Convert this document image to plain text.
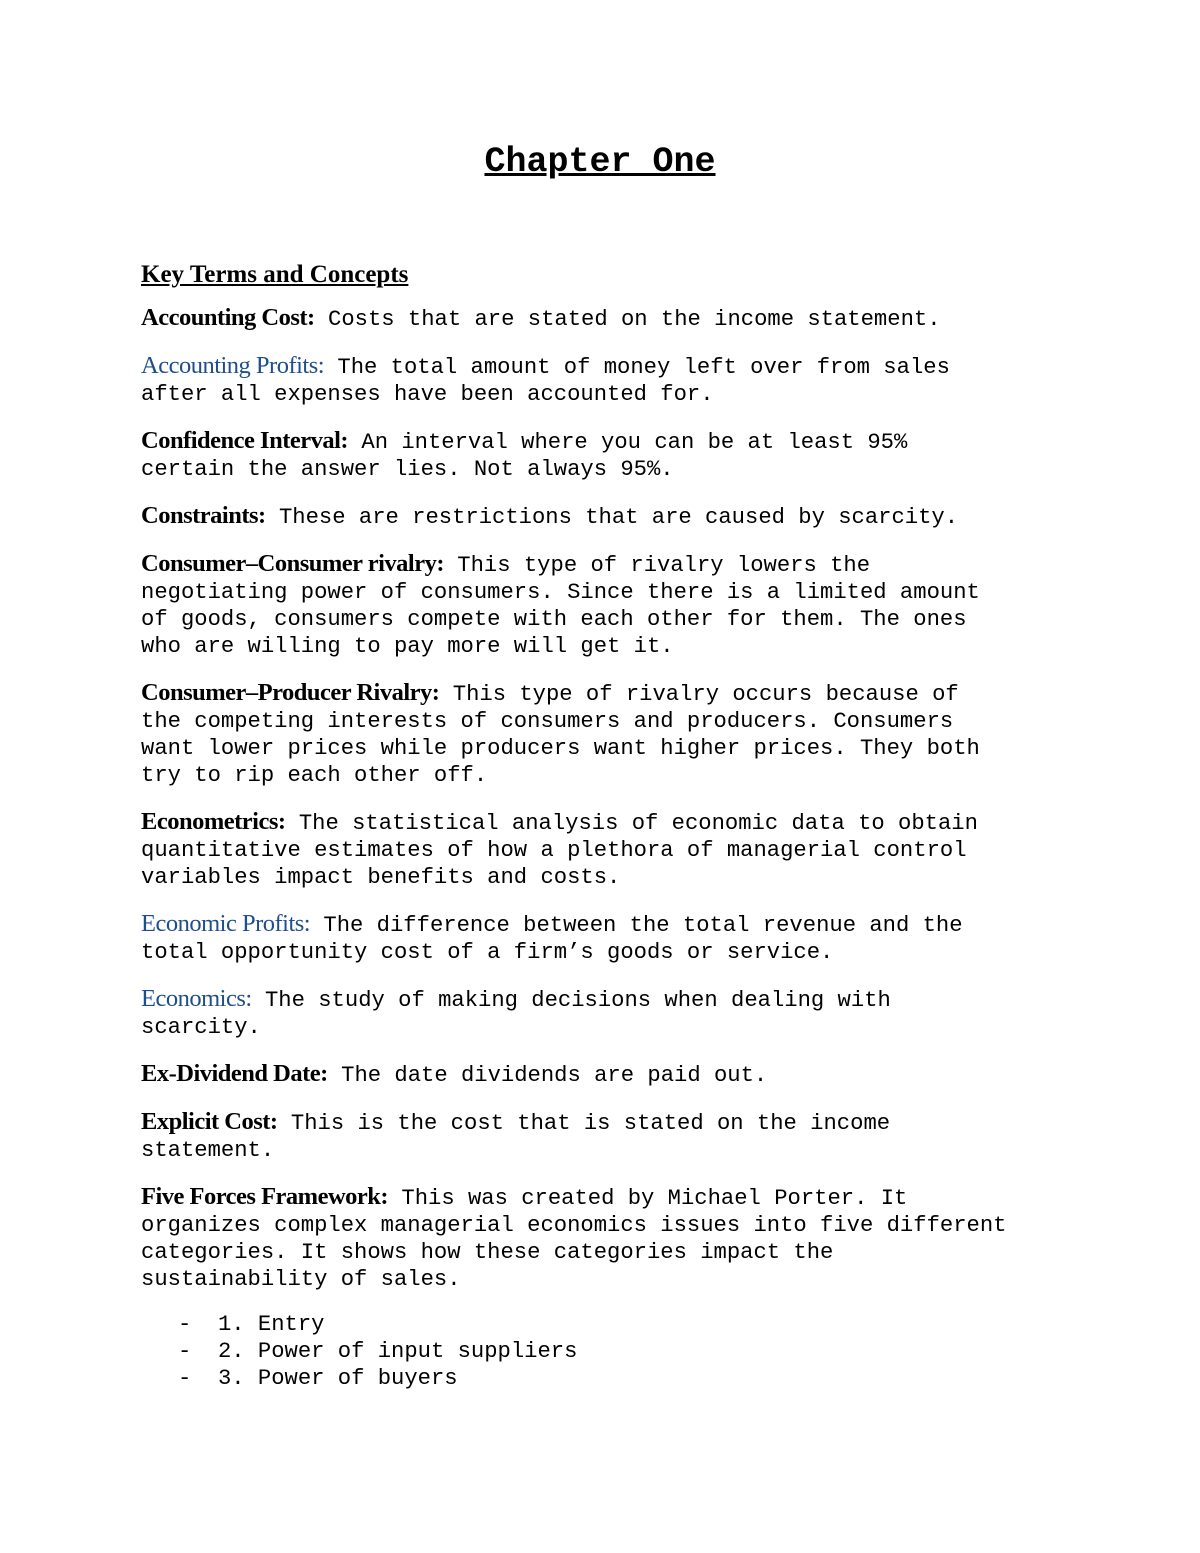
Chapter One
Key Terms and Concepts

Accounting Cost: Costs that are stated on the income statement.

Accounting Profits: The total amount of money left over from sales
after all expenses have been accounted for.

Confidence Interval: An interval where you can be at least 95%
certain the answer lies. Not always 95%.

Constraints: These are restrictions that are caused by scarcity.

Consumer–Consumer rivalry: This type of rivalry lowers the
negotiating power of consumers. Since there is a limited amount
of goods, consumers compete with each other for them. The ones
who are willing to pay more will get it.

Consumer–Producer Rivalry: This type of rivalry occurs because of
the competing interests of consumers and producers. Consumers
want lower prices while producers want higher prices. They both
try to rip each other off.

Econometrics: The statistical analysis of economic data to obtain
quantitative estimates of how a plethora of managerial control
variables impact benefits and costs.

Economic Profits: The difference between the total revenue and the
total opportunity cost of a firm’s goods or service.

Economics: The study of making decisions when dealing with
scarcity.

Ex-Dividend Date: The date dividends are paid out.

Explicit Cost: This is the cost that is stated on the income
statement.

Five Forces Framework: This was created by Michael Porter. It
organizes complex managerial economics issues into five different
categories. It shows how these categories impact the
sustainability of sales.

-  1. Entry
-  2. Power of input suppliers
-  3. Power of buyers
